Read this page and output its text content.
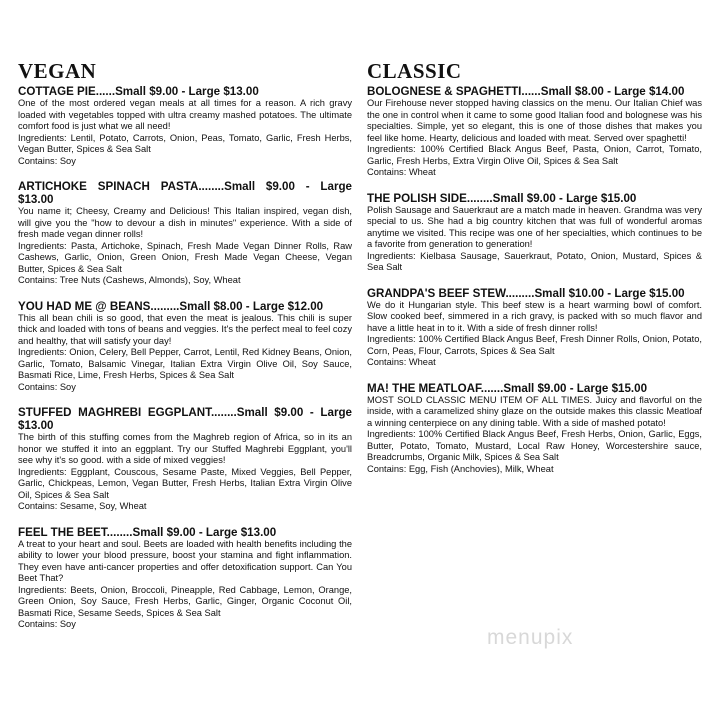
VEGAN
COTTAGE PIE......Small $9.00 - Large $13.00
One of the most ordered vegan meals at all times for a reason. A rich gravy loaded with vegetables topped with ultra creamy mashed potatoes. The ultimate comfort food is just what we all need!
Ingredients: Lentil, Potato, Carrots, Onion, Peas, Tomato, Garlic, Fresh Herbs, Vegan Butter, Spices & Sea Salt
Contains: Soy
ARTICHOKE SPINACH PASTA........Small $9.00 - Large $13.00
You name it; Cheesy, Creamy and Delicious! This Italian inspired, vegan dish, will give you the "how to devour a dish in minutes" experience. With a side of fresh made vegan dinner rolls!
Ingredients: Pasta, Artichoke, Spinach, Fresh Made Vegan Dinner Rolls, Raw Cashews, Garlic, Onion, Green Onion, Fresh Made Vegan Cheese, Vegan Butter, Spices & Sea Salt
Contains: Tree Nuts (Cashews, Almonds), Soy, Wheat
YOU HAD ME @ BEANS.........Small $8.00 - Large $12.00
This all bean chili is so good, that even the meat is jealous. This chili is super thick and loaded with tons of beans and veggies. It's the perfect meal to feel cozy and healthy, that will satisfy your day!
Ingredients: Onion, Celery, Bell Pepper, Carrot, Lentil, Red Kidney Beans, Onion, Garlic, Tomato, Balsamic Vinegar, Italian Extra Virgin Olive Oil, Soy Sauce, Basmati Rice, Lime, Fresh Herbs, Spices & Sea Salt
Contains: Soy
STUFFED MAGHREBI EGGPLANT........Small $9.00 - Large $13.00
The birth of this stuffing comes from the Maghreb region of Africa, so in its an honor we stuffed it into an eggplant. Try our Stuffed Maghrebi Eggplant, you'll see why it's so good. with a side of mixed veggies!
Ingredients: Eggplant, Couscous, Sesame Paste, Mixed Veggies, Bell Pepper, Garlic, Chickpeas, Lemon, Vegan Butter, Fresh Herbs, Italian Extra Virgin Olive Oil, Spices & Sea Salt
Contains: Sesame, Soy, Wheat
FEEL THE BEET........Small $9.00 - Large $13.00
A treat to your heart and soul. Beets are loaded with health benefits including the ability to lower your blood pressure, boost your stamina and fight inflammation. They even have anti-cancer properties and offer detoxification support. Can You Beet That?
Ingredients: Beets, Onion, Broccoli, Pineapple, Red Cabbage, Lemon, Orange, Green Onion, Soy Sauce, Fresh Herbs, Garlic, Ginger, Organic Coconut Oil, Basmati Rice, Sesame Seeds, Spices & Sea Salt
Contains: Soy
CLASSIC
BOLOGNESE & SPAGHETTI......Small $8.00 - Large $14.00
Our Firehouse never stopped having classics on the menu. Our Italian Chief was the one in control when it came to some good Italian food and bolognese was his specialties. Simple, yet so elegant, this is one of those dishes that makes you feel like home. Hearty, delicious and loaded with meat. Served over spaghetti!
Ingredients: 100% Certified Black Angus Beef, Pasta, Onion, Carrot, Tomato, Garlic, Fresh Herbs, Extra Virgin Olive Oil, Spices & Sea Salt
Contains: Wheat
THE POLISH SIDE........Small $9.00 - Large $15.00
Polish Sausage and Sauerkraut are a match made in heaven. Grandma was very special to us. She had a big country kitchen that was full of wonderful aromas anytime we visited. This recipe was one of her specialties, which continues to be a favorite from generation to generation!
Ingredients: Kielbasa Sausage, Sauerkraut, Potato, Onion, Mustard, Spices & Sea Salt
GRANDPA'S BEEF STEW.........Small $10.00 - Large $15.00
We do it Hungarian style. This beef stew is a heart warming bowl of comfort. Slow cooked beef, simmered in a rich gravy, is packed with so much flavor and have a little heat in to it. With a side of fresh dinner rolls!
Ingredients: 100% Certified Black Angus Beef, Fresh Dinner Rolls, Onion, Potato, Corn, Peas, Flour, Carrots, Spices & Sea Salt
Contains: Wheat
MA! THE MEATLOAF.......Small $9.00 - Large $15.00
MOST SOLD CLASSIC MENU ITEM OF ALL TIMES. Juicy and flavorful on the inside, with a caramelized shiny glaze on the outside makes this classic Meatloaf a winning centerpiece on any dining table. With a side of mashed potato!
Ingredients: 100% Certified Black Angus Beef, Fresh Herbs, Onion, Garlic, Eggs, Butter, Potato, Tomato, Mustard, Local Raw Honey, Worcestershire sauce, Breadcrumbs, Organic Milk, Spices & Sea Salt
Contains: Egg, Fish (Anchovies), Milk, Wheat
menupix
